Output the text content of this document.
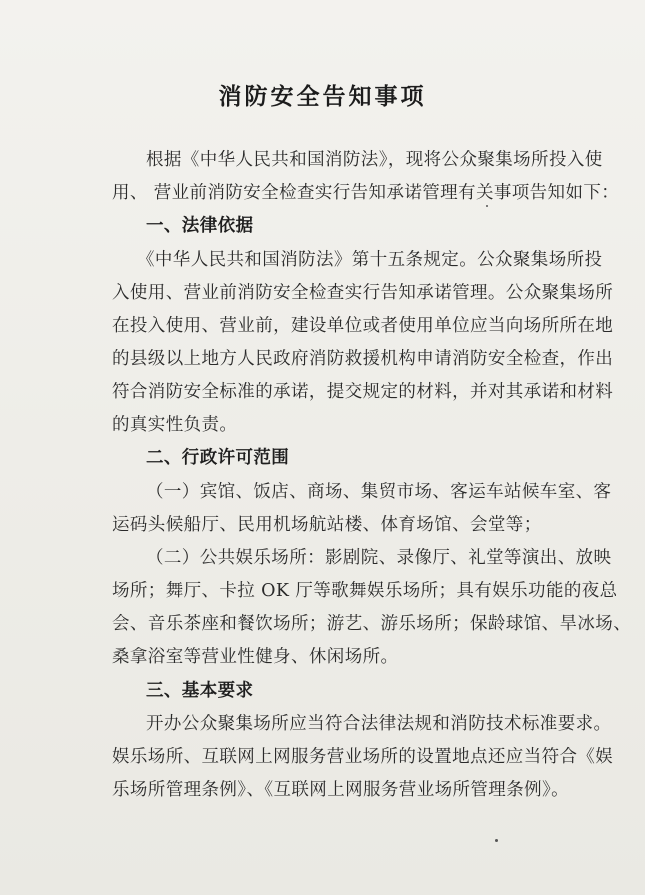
消防安全告知事项
根据《中华人民共和国消防法》，现将公众聚集场所投入使
用、 营业前消防安全检查实行告知承诺管理有关事项告知如下：
一、法律依据
《中华人民共和国消防法》第十五条规定。公众聚集场所投
入使用、营业前消防安全检查实行告知承诺管理。公众聚集场所
在投入使用、营业前，建设单位或者使用单位应当向场所所在地
的县级以上地方人民政府消防救援机构申请消防安全检查，作出
符合消防安全标准的承诺，提交规定的材料，并对其承诺和材料
的真实性负责。
二、行政许可范围
（一）宾馆、饭店、商场、集贸市场、客运车站候车室、客
运码头候船厅、民用机场航站楼、体育场馆、会堂等；
（二）公共娱乐场所：影剧院、录像厅、礼堂等演出、放映
场所；舞厅、卡拉 OK 厅等歌舞娱乐场所；具有娱乐功能的夜总
会、音乐茶座和餐饮场所；游艺、游乐场所；保龄球馆、旱冰场、
桑拿浴室等营业性健身、休闲场所。
三、基本要求
开办公众聚集场所应当符合法律法规和消防技术标准要求。
娱乐场所、互联网上网服务营业场所的设置地点还应当符合《娱
乐场所管理条例》、《互联网上网服务营业场所管理条例》。
